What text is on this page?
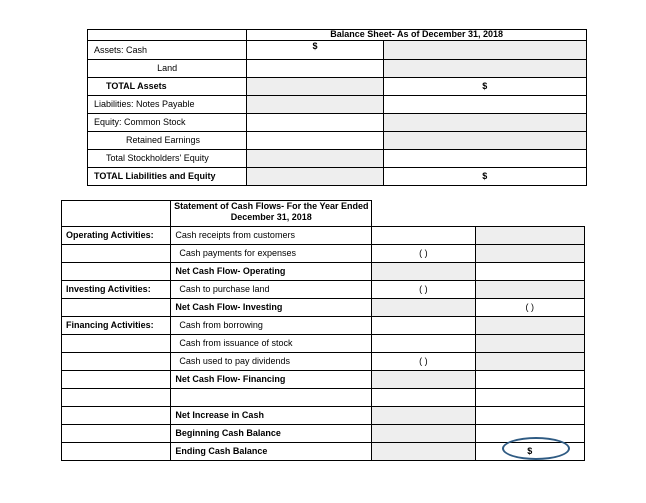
	Balance Sheet- As of December 31, 2018	
Assets: Cash	$	
Land		
TOTAL Assets		$
Liabilities: Notes Payable		
Equity: Common Stock		
Retained Earnings		
Total Stockholders' Equity		
TOTAL Liabilities and Equity		$
	Statement of Cash Flows- For the Year Ended December 31, 2018		
Operating Activities:	Cash receipts from customers		
	Cash payments for expenses	( )	
	Net Cash Flow- Operating		
Investing Activities:	Cash to purchase land	( )	
	Net Cash Flow- Investing		( )
Financing Activities:	Cash from borrowing		
	Cash from issuance of stock		
	Cash used to pay dividends	( )	
	Net Cash Flow- Financing		

	Net Increase in Cash		
	Beginning Cash Balance		
	Ending Cash Balance		$
